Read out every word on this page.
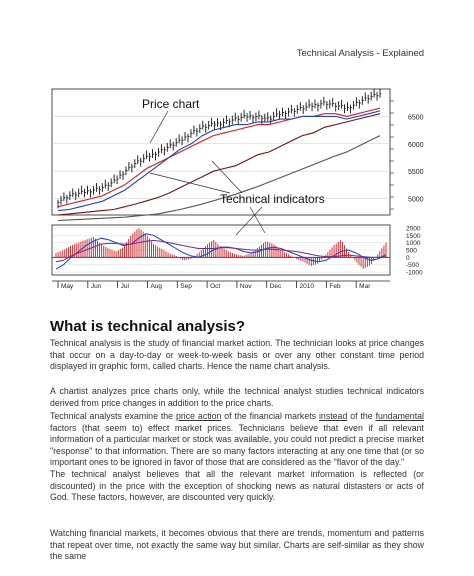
Technical Analysis - Explained
5000
5500
6000
6500
Price chart
Technical indicators
-1000
-500
0
500
1000
1500
2000
May	Jun	Jul	Aug	Sep	Oct	Nov	Dec	2010 Feb	Mar
What is technical analysis?

Technical analysis is the study of financial market action. The technician looks at price changes that occur on a day-to-day or week-to-week basis or over any other constant time period displayed in graphic form, called charts. Hence the name chart analysis.

A chartist analyzes price charts only, while the technical analyst studies technical indicators derived from price changes in addition to the price charts.

Technical analysts examine the price action of the financial markets instead of the fundamental factors (that seem to) effect market prices. Technicians believe that even if all relevant information of a particular market or stock was available, you could not predict a precise market "response" to that information. There are so many factors interacting at any one time that (or so important ones to be ignored in favor of those that are considered as the "flavor of the day."
The technical analyst believes that all the relevant market information is reflected (or discounted) in the price with the exception of shocking news as natural distasters or acts of God. These factors, however, are discounted very quickly.

Watching financial markets, it becomes obvious that there are trends, momentum and patterns that repeat over time, not exactly the same way but similar. Charts are self-similar as they show the same
